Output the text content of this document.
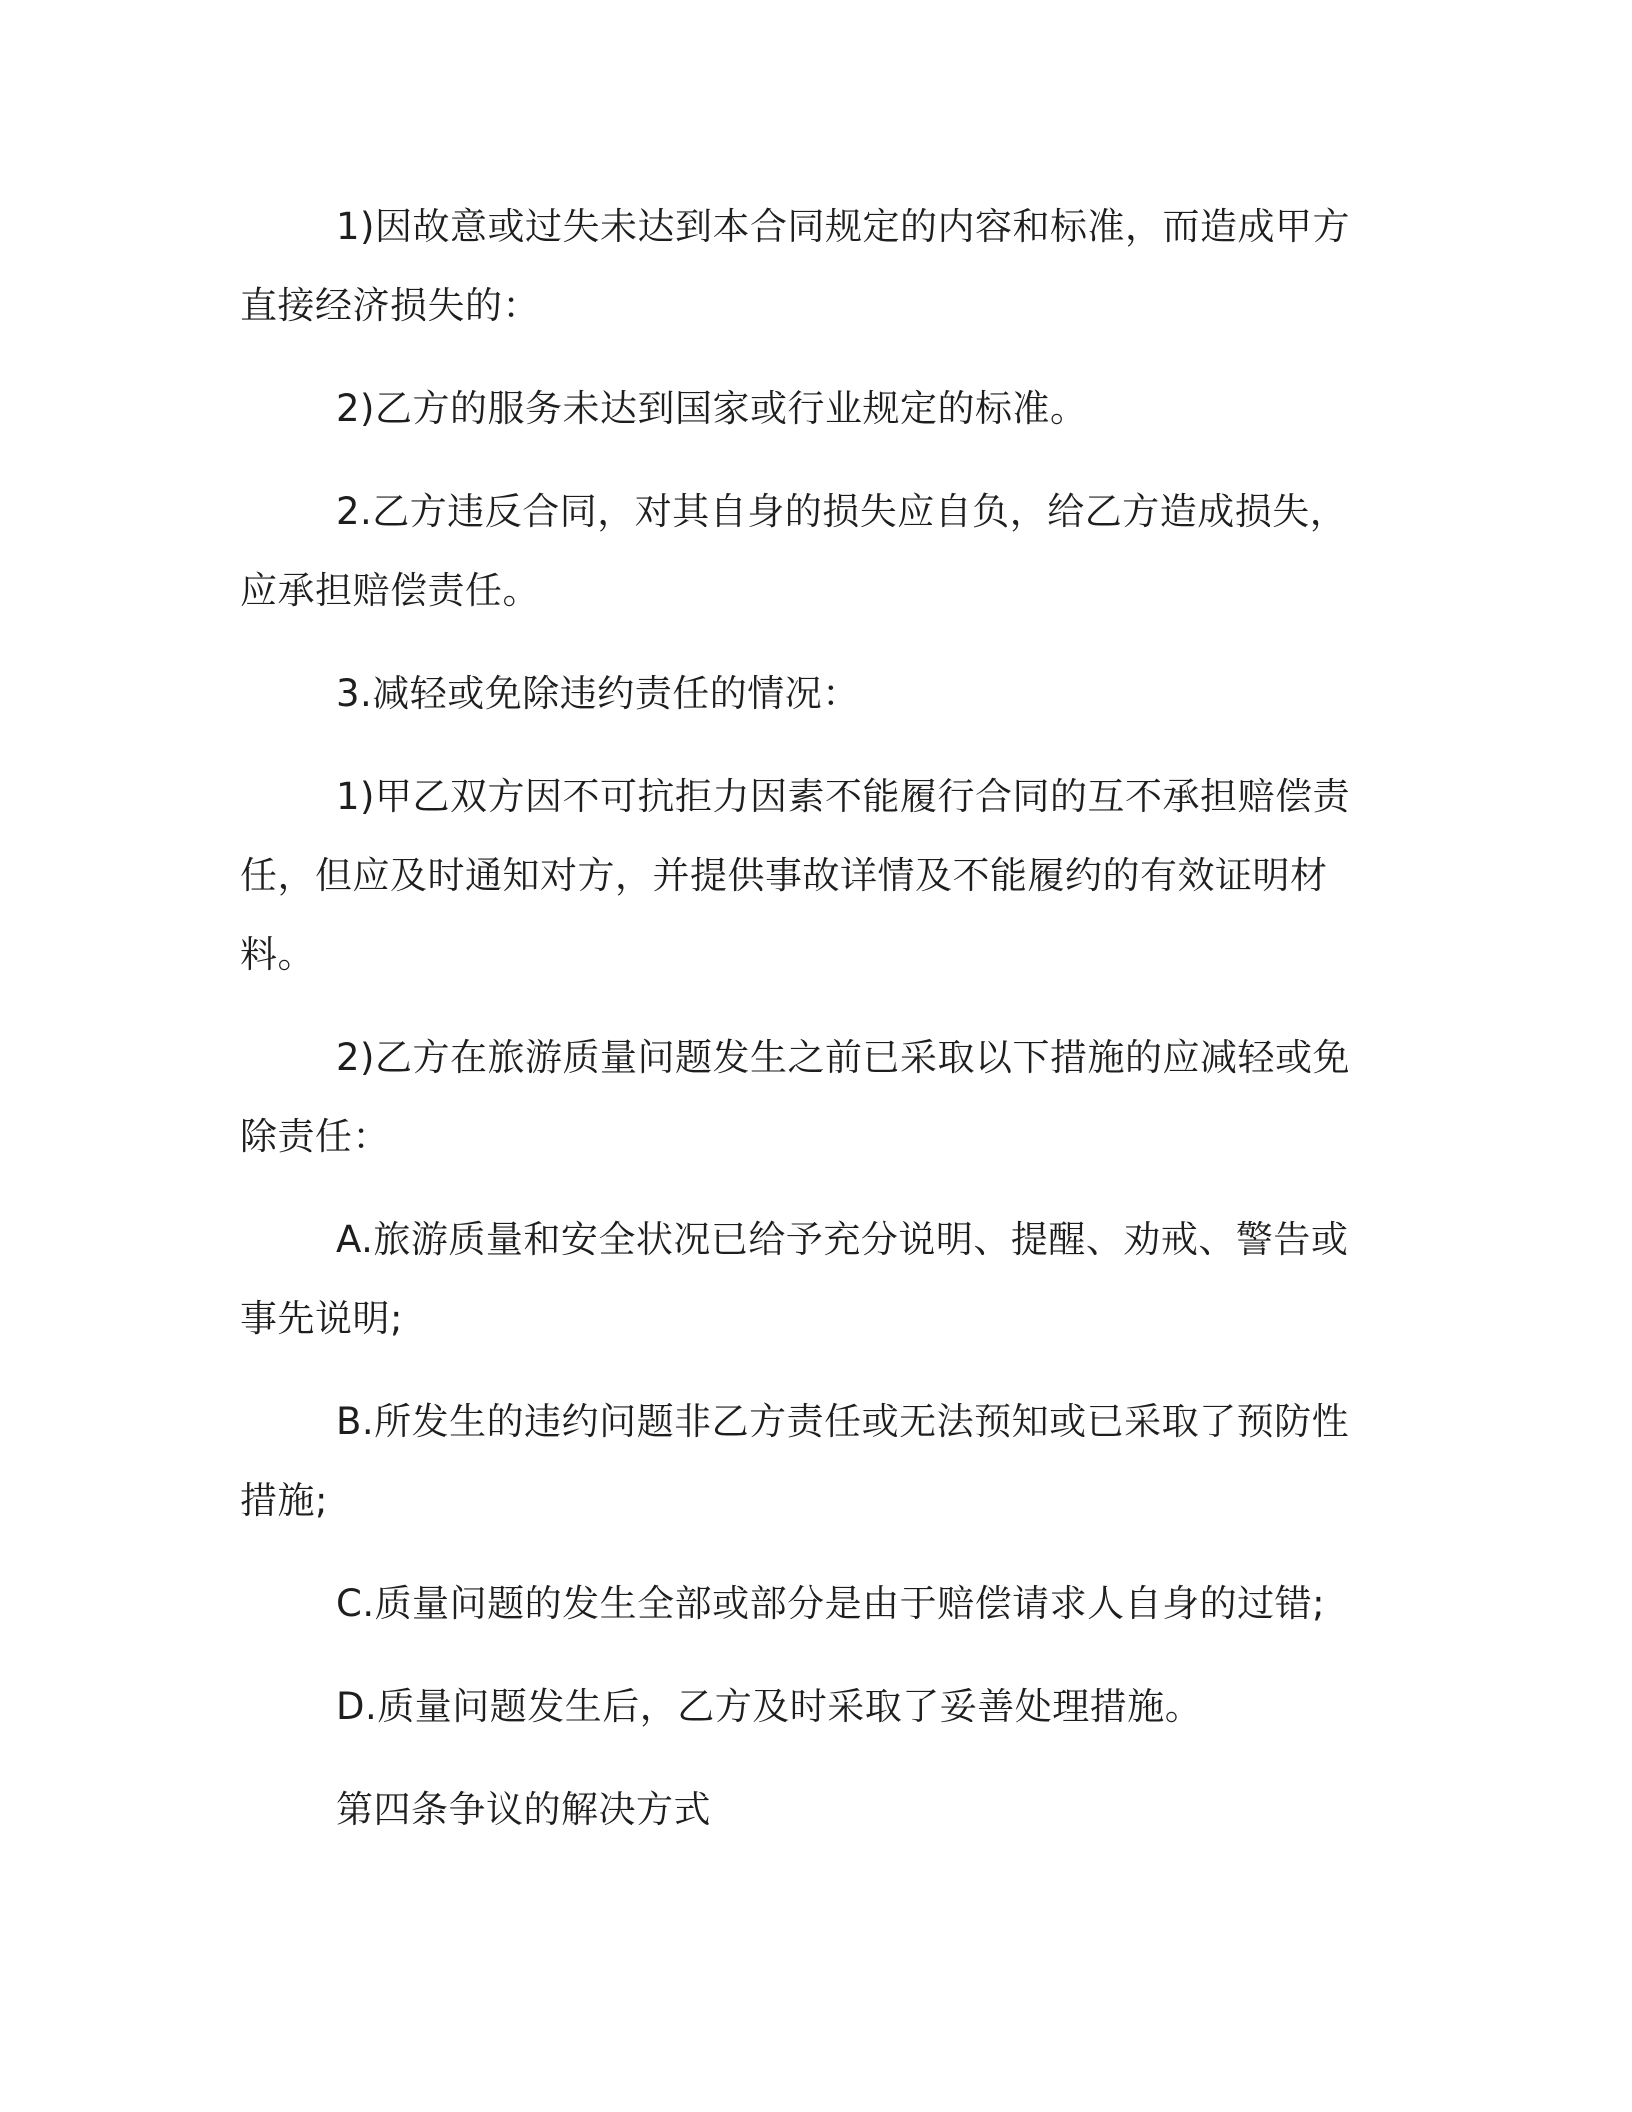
1)因故意或过失未达到本合同规定的内容和标准，而造成甲方直接经济损失的：

2)乙方的服务未达到国家或行业规定的标准。

2.乙方违反合同，对其自身的损失应自负，给乙方造成损失，应承担赔偿责任。

3.减轻或免除违约责任的情况：

1)甲乙双方因不可抗拒力因素不能履行合同的互不承担赔偿责任，但应及时通知对方，并提供事故详情及不能履约的有效证明材料。

2)乙方在旅游质量问题发生之前已采取以下措施的应减轻或免除责任：

A.旅游质量和安全状况已给予充分说明、提醒、劝戒、警告或事先说明;

B.所发生的违约问题非乙方责任或无法预知或已采取了预防性措施;

C.质量问题的发生全部或部分是由于赔偿请求人自身的过错;

D.质量问题发生后，乙方及时采取了妥善处理措施。

第四条争议的解决方式
